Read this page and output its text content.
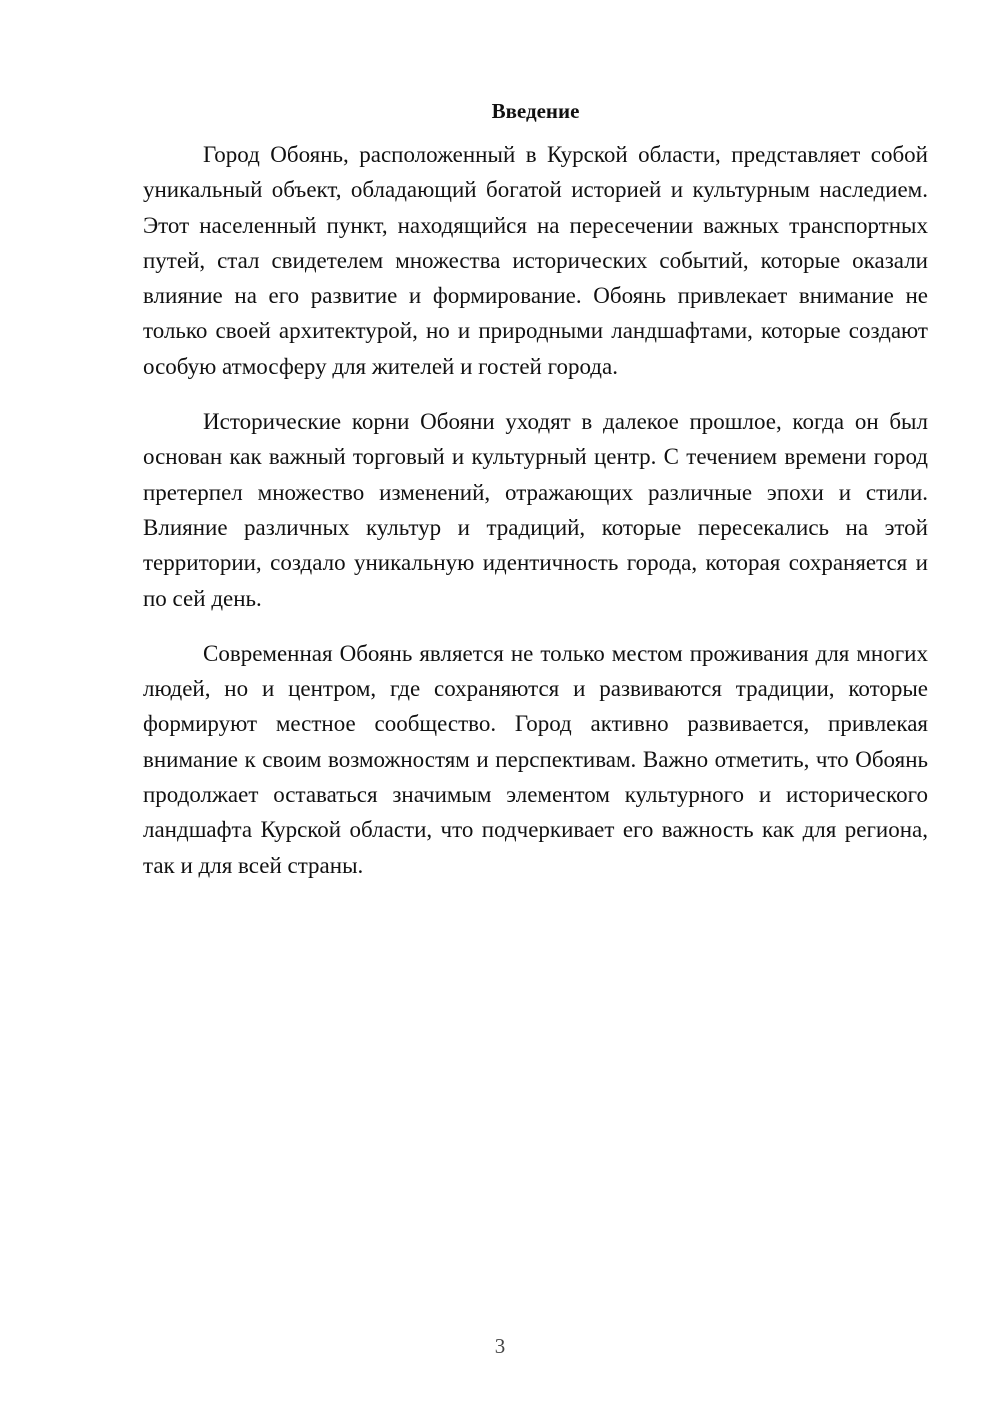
Введение

Город Обоянь, расположенный в Курской области, представляет собой уникальный объект, обладающий богатой историей и культурным наследием. Этот населенный пункт, находящийся на пересечении важных транспортных путей, стал свидетелем множества исторических событий, которые оказали влияние на его развитие и формирование. Обоянь привлекает внимание не только своей архитектурой, но и природными ландшафтами, которые создают особую атмосферу для жителей и гостей города.

Исторические корни Обояни уходят в далекое прошлое, когда он был основан как важный торговый и культурный центр. С течением времени город претерпел множество изменений, отражающих различные эпохи и стили. Влияние различных культур и традиций, которые пересекались на этой территории, создало уникальную идентичность города, которая сохраняется и по сей день.

Современная Обоянь является не только местом проживания для многих людей, но и центром, где сохраняются и развиваются традиции, которые формируют местное сообщество. Город активно развивается, привлекая внимание к своим возможностям и перспективам. Важно отметить, что Обоянь продолжает оставаться значимым элементом культурного и исторического ландшафта Курской области, что подчеркивает его важность как для региона, так и для всей страны.

3
